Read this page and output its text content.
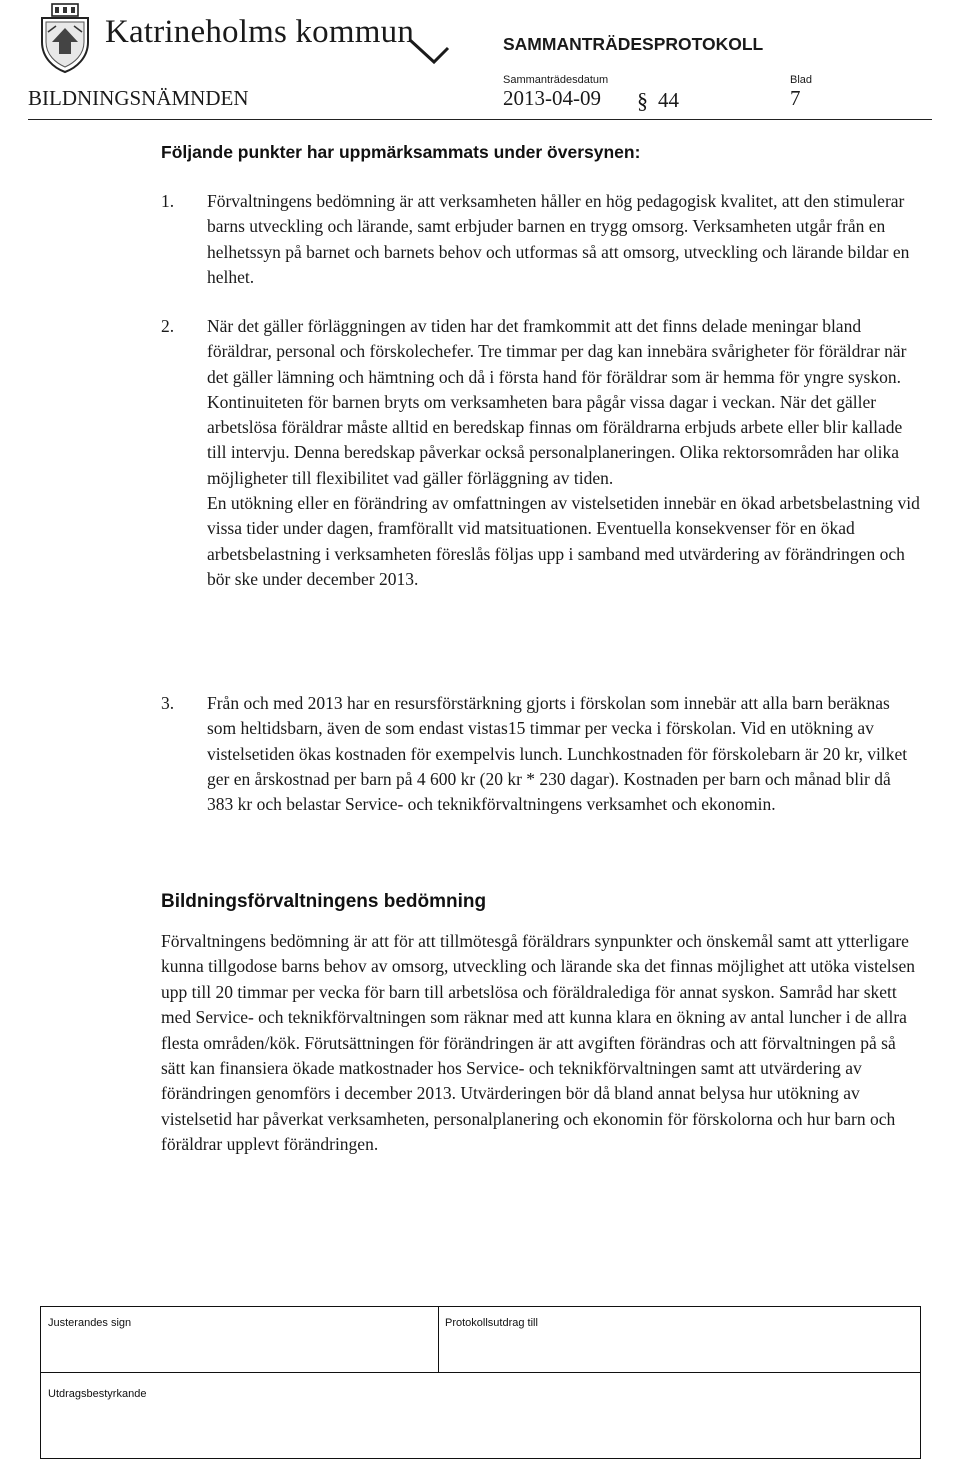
Katrineholms kommun	SAMMANTRÄDESPROTOKOLL
Sammanträdesdatum	Blad
BILDNINGSNÄMNDEN	2013-04-09 § 44	7
Följande punkter har uppmärksammats under översynen:
1. Förvaltningens bedömning är att verksamheten håller en hög pedagogisk kvalitet, att den stimulerar barns utveckling och lärande, samt erbjuder barnen en trygg omsorg. Verksamheten utgår från en helhetssyn på barnet och barnets behov och utformas så att omsorg, utveckling och lärande bildar en helhet.

2. När det gäller förläggningen av tiden har det framkommit att det finns delade meningar bland föräldrar, personal och förskolechefer. Tre timmar per dag kan innebära svårigheter för föräldrar när det gäller lämning och hämtning och då i första hand för föräldrar som är hemma för yngre syskon. Kontinuiteten för barnen bryts om verksamheten bara pågår vissa dagar i veckan. När det gäller arbetslösa föräldrar måste alltid en beredskap finnas om föräldrarna erbjuds arbete eller blir kallade till intervju. Denna beredskap påverkar också personalplaneringen. Olika rektorsområden har olika möjligheter till flexibilitet vad gäller förläggning av tiden.

En utökning eller en förändring av omfattningen av vistelsetiden innebär en ökad arbetsbelastning vid vissa tider under dagen, framförallt vid matsituationen. Eventuella konsekvenser för en ökad arbetsbelastning i verksamheten föreslås följas upp i samband med utvärdering av förändringen och bör ske under december 2013.

3. Från och med 2013 har en resursförstärkning gjorts i förskolan som innebär att alla barn beräknas som heltidsbarn, även de som endast vistas15 timmar per vecka i förskolan. Vid en utökning av vistelsetiden ökas kostnaden för exempelvis lunch. Lunchkostnaden för förskolebarn är 20 kr, vilket ger en årskostnad per barn på 4 600 kr (20 kr * 230 dagar). Kostnaden per barn och månad blir då 383 kr och belastar Service- och teknikförvaltningens verksamhet och ekonomin.

Bildningsförvaltningens bedömning

Förvaltningens bedömning är att för att tillmötesgå föräldrars synpunkter och önskemål samt att ytterligare kunna tillgodose barns behov av omsorg, utveckling och lärande ska det finnas möjlighet att utöka vistelsen upp till 20 timmar per vecka för barn till arbetslösa och föräldralediga för annat syskon. Samråd har skett med Service- och teknikförvaltningen som räknar med att kunna klara en ökning av antal luncher i de allra flesta områden/kök. Förutsättningen för förändringen är att avgiften förändras och att förvaltningen på så sätt kan finansiera ökade matkostnader hos Service- och teknikförvaltningen samt att utvärdering av förändringen genomförs i december 2013. Utvärderingen bör då bland annat belysa hur utökning av vistelsetid har påverkat verksamheten, personalplanering och ekonomin för förskolorna och hur barn och föräldrar upplevt förändringen.

Justerandes sign	Protokollsutdrag till
Utdragsbestyrkande
